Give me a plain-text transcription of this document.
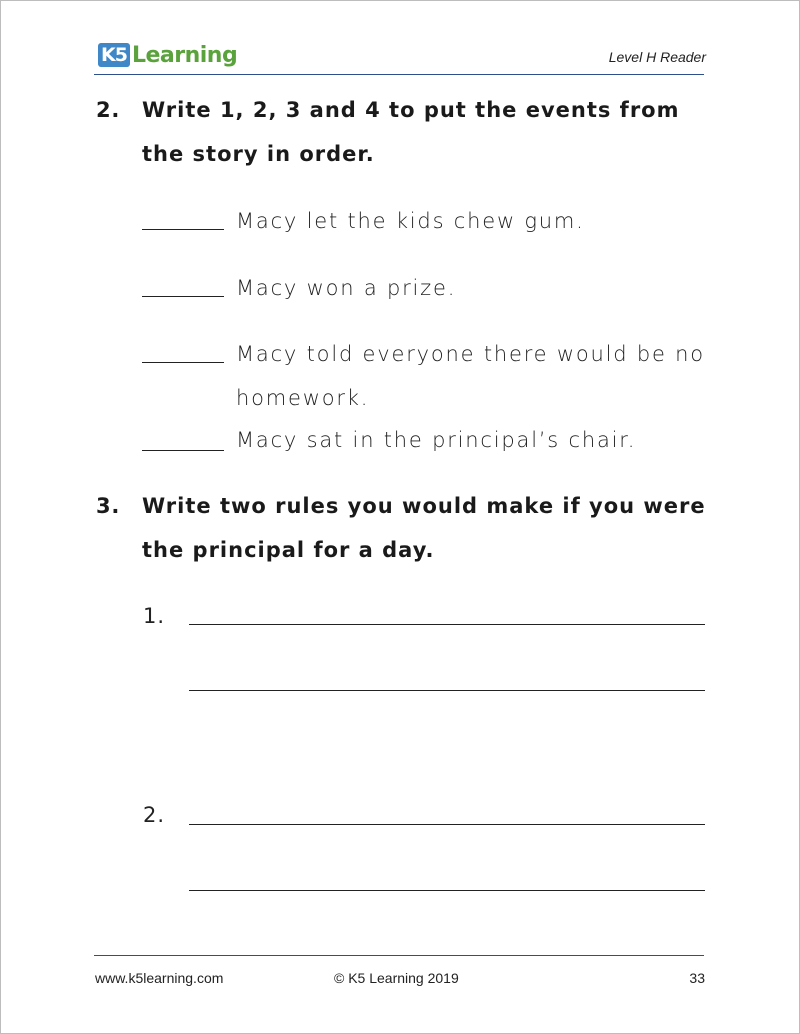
K5 Learning	Level H Reader
2. Write 1, 2, 3 and 4 to put the events from the story in order.
Macy let the kids chew gum.
Macy won a prize.
Macy told everyone there would be no homework.
Macy sat in the principal’s chair.
3. Write two rules you would make if you were the principal for a day.
1.
2.
www.k5learning.com	© K5 Learning 2019	33
